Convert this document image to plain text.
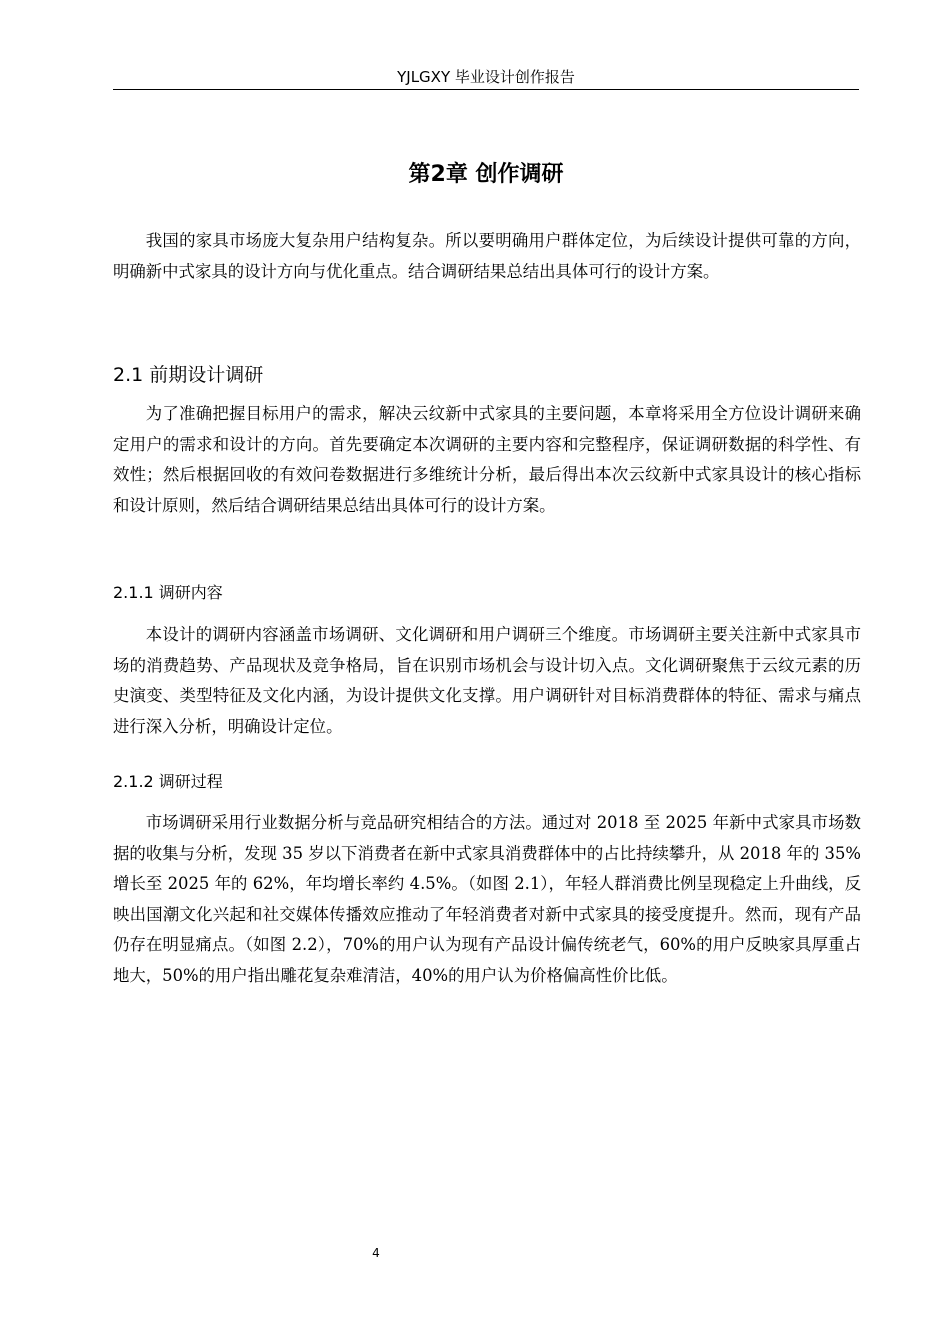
YJLGXY 毕业设计创作报告
第2章 创作调研

我国的家具市场庞大复杂用户结构复杂。所以要明确用户群体定位，为后续设计提供可靠的方向，明确新中式家具的设计方向与优化重点。结合调研结果总结出具体可行的设计方案。

2.1 前期设计调研

为了准确把握目标用户的需求，解决云纹新中式家具的主要问题，本章将采用全方位设计调研来确定用户的需求和设计的方向。首先要确定本次调研的主要内容和完整程序，保证调研数据的科学性、有效性；然后根据回收的有效问卷数据进行多维统计分析，最后得出本次云纹新中式家具设计的核心指标和设计原则，然后结合调研结果总结出具体可行的设计方案。

2.1.1 调研内容

本设计的调研内容涵盖市场调研、文化调研和用户调研三个维度。市场调研主要关注新中式家具市场的消费趋势、产品现状及竞争格局，旨在识别市场机会与设计切入点。文化调研聚焦于云纹元素的历史演变、类型特征及文化内涵，为设计提供文化支撑。用户调研针对目标消费群体的特征、需求与痛点进行深入分析，明确设计定位。

2.1.2 调研过程

市场调研采用行业数据分析与竞品研究相结合的方法。通过对 2018 至 2025 年新中式家具市场数据的收集与分析，发现 35 岁以下消费者在新中式家具消费群体中的占比持续攀升，从 2018 年的 35%增长至 2025 年的 62%，年均增长率约 4.5%。（如图 2.1），年轻人群消费比例呈现稳定上升曲线，反映出国潮文化兴起和社交媒体传播效应推动了年轻消费者对新中式家具的接受度提升。然而，现有产品仍存在明显痛点。（如图 2.2），70%的用户认为现有产品设计偏传统老气，60%的用户反映家具厚重占地大，50%的用户指出雕花复杂难清洁，40%的用户认为价格偏高性价比低。

4
